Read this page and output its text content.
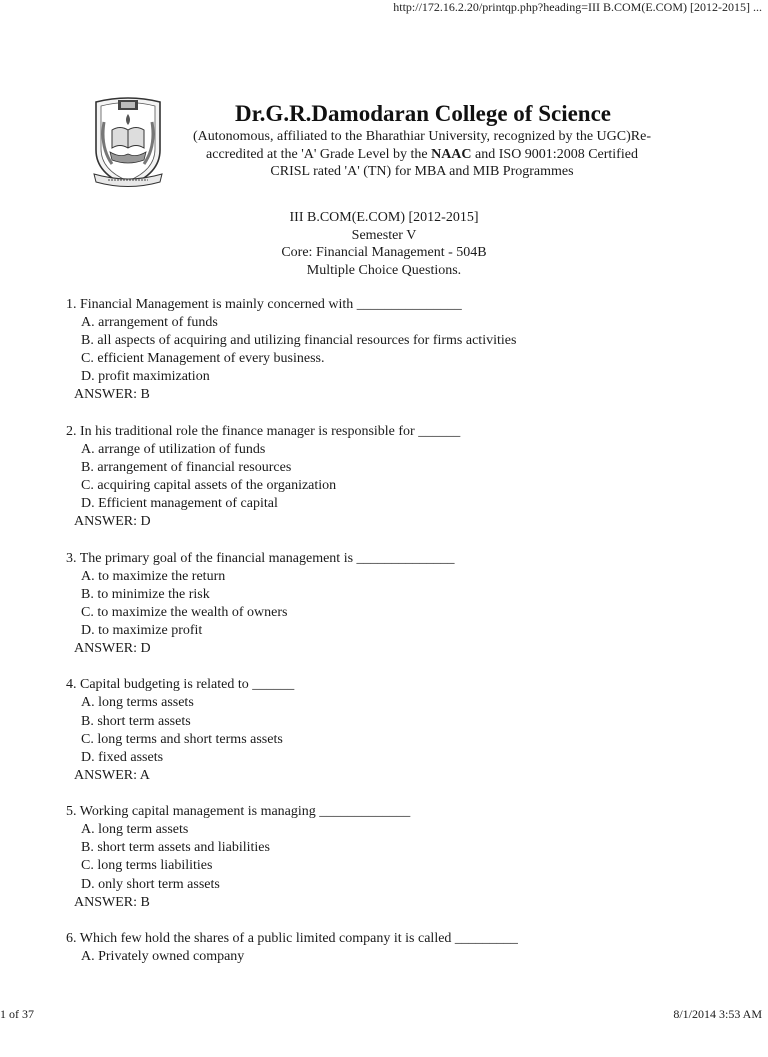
http://172.16.2.20/printqp.php?heading=III B.COM(E.COM) [2012-2015] ...
Dr.G.R.Damodaran College of Science
(Autonomous, affiliated to the Bharathiar University, recognized by the UGC)Re-
accredited at the 'A' Grade Level by the NAAC and ISO 9001:2008 Certified
CRISL rated 'A' (TN) for MBA and MIB Programmes
III B.COM(E.COM) [2012-2015]
Semester V
Core: Financial Management - 504B
Multiple Choice Questions.
1. Financial Management is mainly concerned with _______________
A. arrangement of funds
B. all aspects of acquiring and utilizing financial resources for firms activities
C. efficient Management of every business.
D. profit maximization
ANSWER: B
2. In his traditional role the finance manager is responsible for ______
A. arrange of utilization of funds
B. arrangement of financial resources
C. acquiring capital assets of the organization
D. Efficient management of capital
ANSWER: D
3. The primary goal of the financial management is ______________
A. to maximize the return
B. to minimize the risk
C. to maximize the wealth of owners
D. to maximize profit
ANSWER: D
4. Capital budgeting is related to ______
A. long terms assets
B. short term assets
C. long terms and short terms assets
D. fixed assets
ANSWER: A
5. Working capital management is managing _____________
A. long term assets
B. short term assets and liabilities
C. long terms liabilities
D. only short term assets
ANSWER: B
6. Which few hold the shares of a public limited company it is called _________
A. Privately owned company
1 of 37	8/1/2014 3:53 AM
